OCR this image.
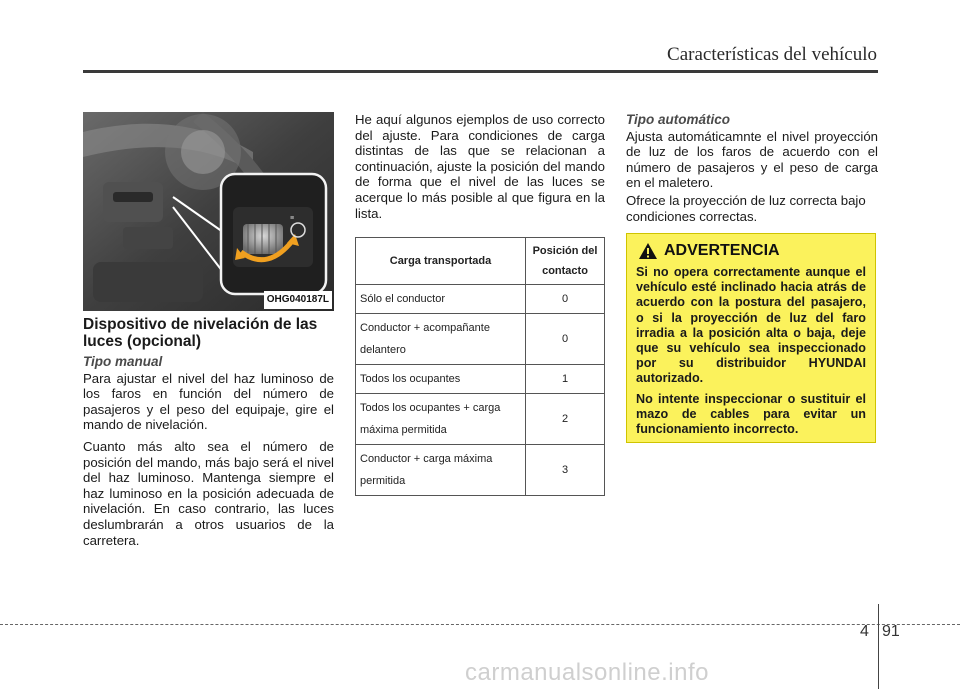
Características del vehículo
≡
OHG040187L
Dispositivo de nivelación de las luces (opcional)
Tipo manual

Para ajustar el nivel del haz luminoso de los faros en función del número de pasajeros y el peso del equipaje, gire el mando de nivelación.

Cuanto más alto sea el número de posición del mando, más bajo será el nivel del haz luminoso. Mantenga siempre el haz luminoso en la posición adecuada de nivelación. En caso contrario, las luces deslumbrarán a otros usuarios de la carretera.

He aquí algunos ejemplos de uso correcto del ajuste. Para condiciones de carga distintas de las que se relacionan a continuación, ajuste la posición del mando de forma que el nivel de las luces se acerque lo más posible al que figura en la lista.

Carga transportada	Posición del contacto
Sólo el conductor	0
Conductor + acompañante delantero	0
Todos los ocupantes	1
Todos los ocupantes + carga máxima permitida	2
Conductor + carga máxima permitida	3
Tipo automático

Ajusta automáticamnte el nivel proyección de luz de los faros de acuerdo con el número de pasajeros y el peso de carga en el maletero.

Ofrece la proyección de luz correcta bajo condiciones correctas.

ADVERTENCIA

Si no opera correctamente aunque el vehículo esté inclinado hacia atrás de acuerdo con la postura del pasajero, o si la proyección de luz del faro irradia a la posición alta o baja, deje que su vehículo sea inspeccionado por su distribuidor HYUNDAI autorizado.

No intente inspeccionar o sustituir el mazo de cables para evitar un funcionamiento incorrecto.

4 91
carmanualsonline.info
